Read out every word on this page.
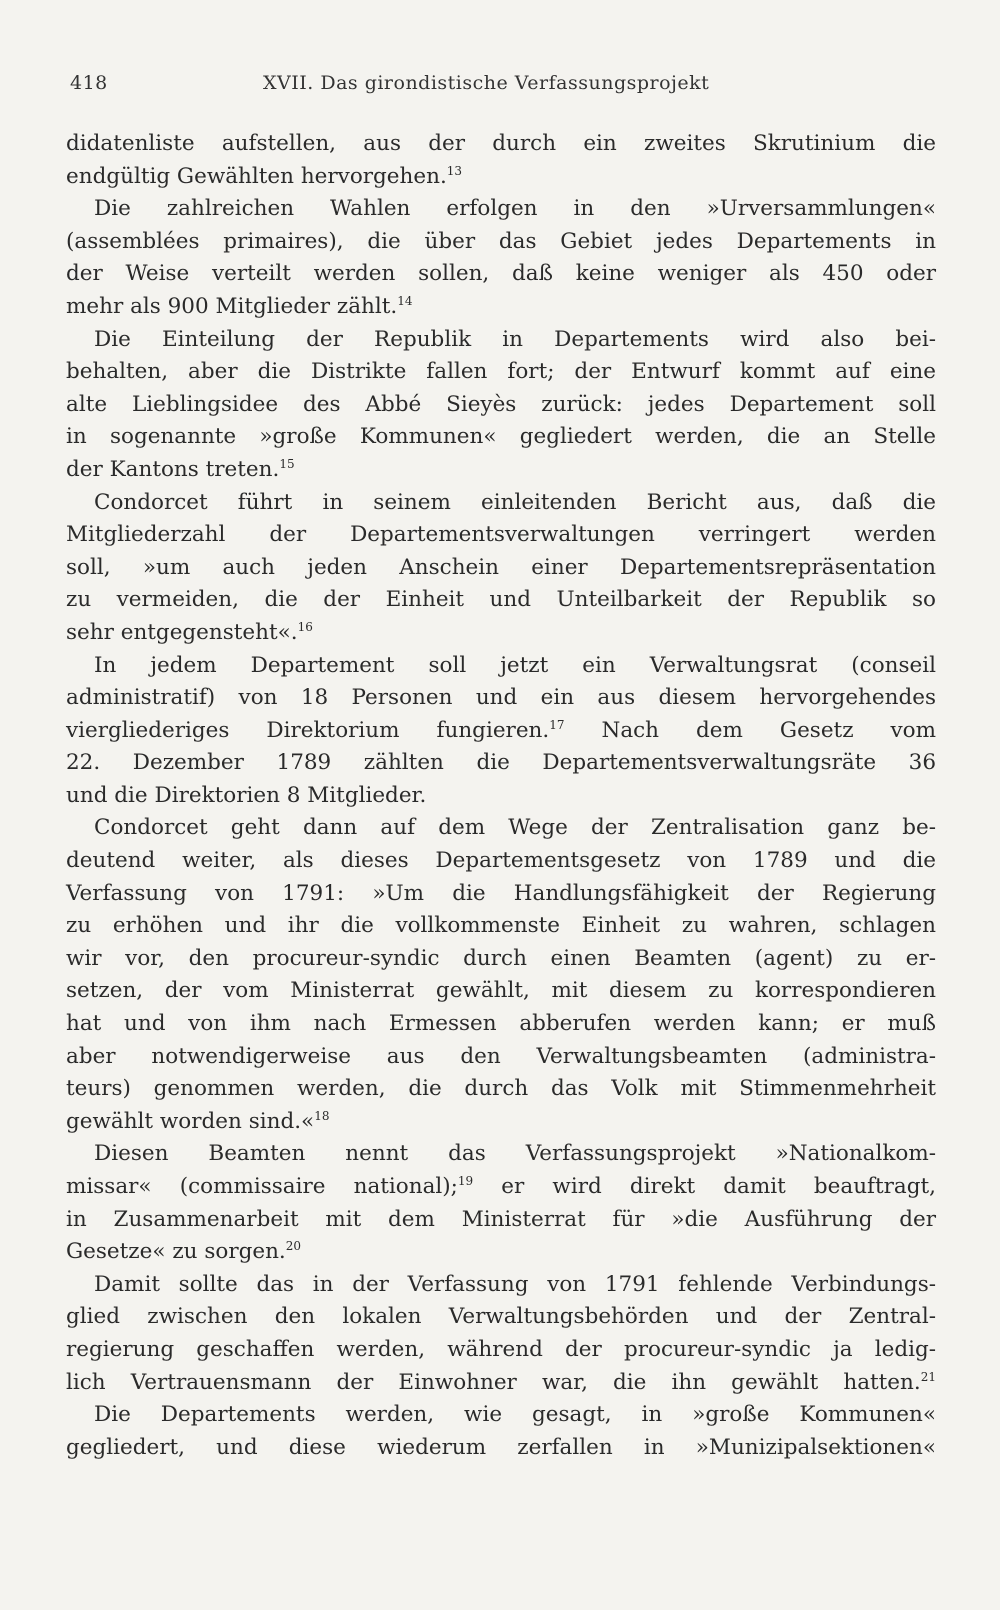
418	XVII. Das girondistische Verfassungsprojekt
didatenliste aufstellen, aus der durch ein zweites Skrutinium die
endgültig Gewählten hervorgehen.$^{13}$
Die zahlreichen Wahlen erfolgen in den »Urversammlungen«
(assemblées primaires), die über das Gebiet jedes Departements in
der Weise verteilt werden sollen, daß keine weniger als 450 oder
mehr als 900 Mitglieder zählt.$^{14}$
Die Einteilung der Republik in Departements wird also bei-
behalten, aber die Distrikte fallen fort; der Entwurf kommt auf eine
alte Lieblingsidee des Abbé Sieyès zurück: jedes Departement soll
in sogenannte »große Kommunen« gegliedert werden, die an Stelle
der Kantons treten.$^{15}$
Condorcet führt in seinem einleitenden Bericht aus, daß die
Mitgliederzahl der Departementsverwaltungen verringert werden
soll, »um auch jeden Anschein einer Departementsrepräsentation
zu vermeiden, die der Einheit und Unteilbarkeit der Republik so
sehr entgegensteht«.$^{16}$
In jedem Departement soll jetzt ein Verwaltungsrat (conseil
administratif) von 18 Personen und ein aus diesem hervorgehendes
viergliederiges Direktorium fungieren.$^{17}$ Nach dem Gesetz vom
22. Dezember 1789 zählten die Departementsverwaltungsräte 36
und die Direktorien 8 Mitglieder.
Condorcet geht dann auf dem Wege der Zentralisation ganz be-
deutend weiter, als dieses Departementsgesetz von 1789 und die
Verfassung von 1791: »Um die Handlungsfähigkeit der Regierung
zu erhöhen und ihr die vollkommenste Einheit zu wahren, schlagen
wir vor, den procureur-syndic durch einen Beamten (agent) zu er-
setzen, der vom Ministerrat gewählt, mit diesem zu korrespondieren
hat und von ihm nach Ermessen abberufen werden kann; er muß
aber notwendigerweise aus den Verwaltungsbeamten (administra-
teurs) genommen werden, die durch das Volk mit Stimmenmehrheit
gewählt worden sind.«$^{18}$
Diesen Beamten nennt das Verfassungsprojekt »Nationalkom-
missar« (commissaire national);$^{19}$ er wird direkt damit beauftragt,
in Zusammenarbeit mit dem Ministerrat für »die Ausführung der
Gesetze« zu sorgen.$^{20}$
Damit sollte das in der Verfassung von 1791 fehlende Verbindungs-
glied zwischen den lokalen Verwaltungsbehörden und der Zentral-
regierung geschaffen werden, während der procureur-syndic ja ledig-
lich Vertrauensmann der Einwohner war, die ihn gewählt hatten.$^{21}$
Die Departements werden, wie gesagt, in »große Kommunen«
gegliedert, und diese wiederum zerfallen in »Munizipalsektionen«
